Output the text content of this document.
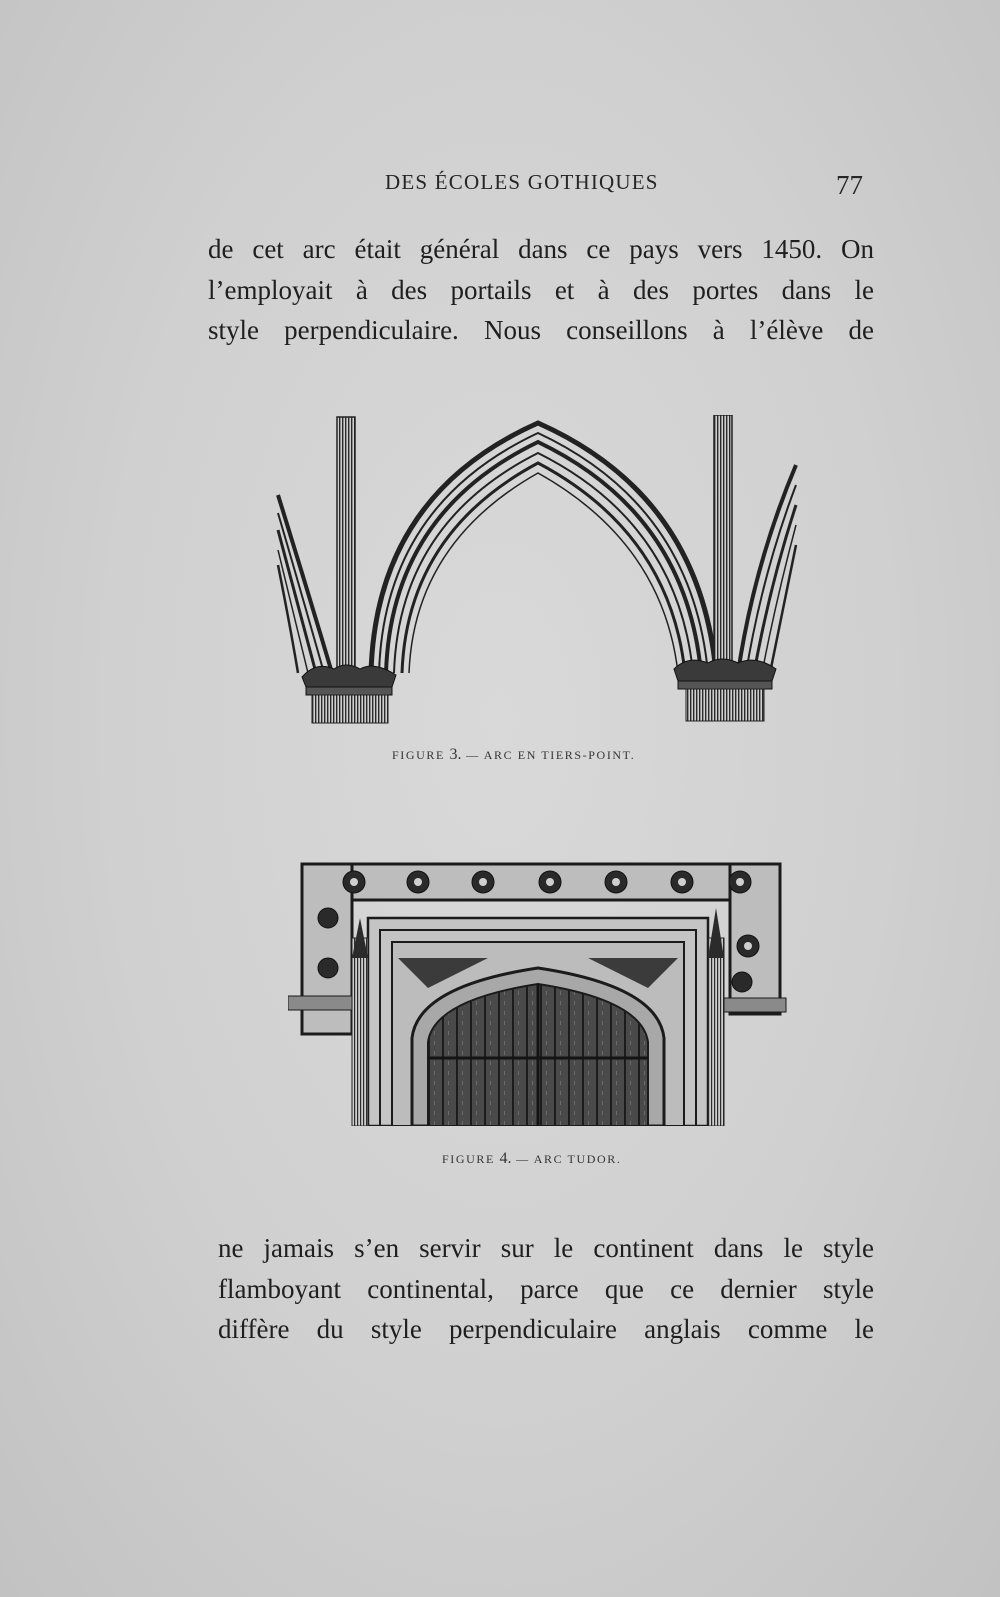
DES ÉCOLES GOTHIQUES	77

de cet arc était général dans ce pays vers 1450. On

l’employait à des portails et à des portes dans le

style perpendiculaire. Nous conseillons à l’élève de

FIGURE 3. — ARC EN TIERS-POINT.
FIGURE 4. — ARC TUDOR.

ne jamais s’en servir sur le continent dans le style

flamboyant continental, parce que ce dernier style

diffère du style perpendiculaire anglais comme le
